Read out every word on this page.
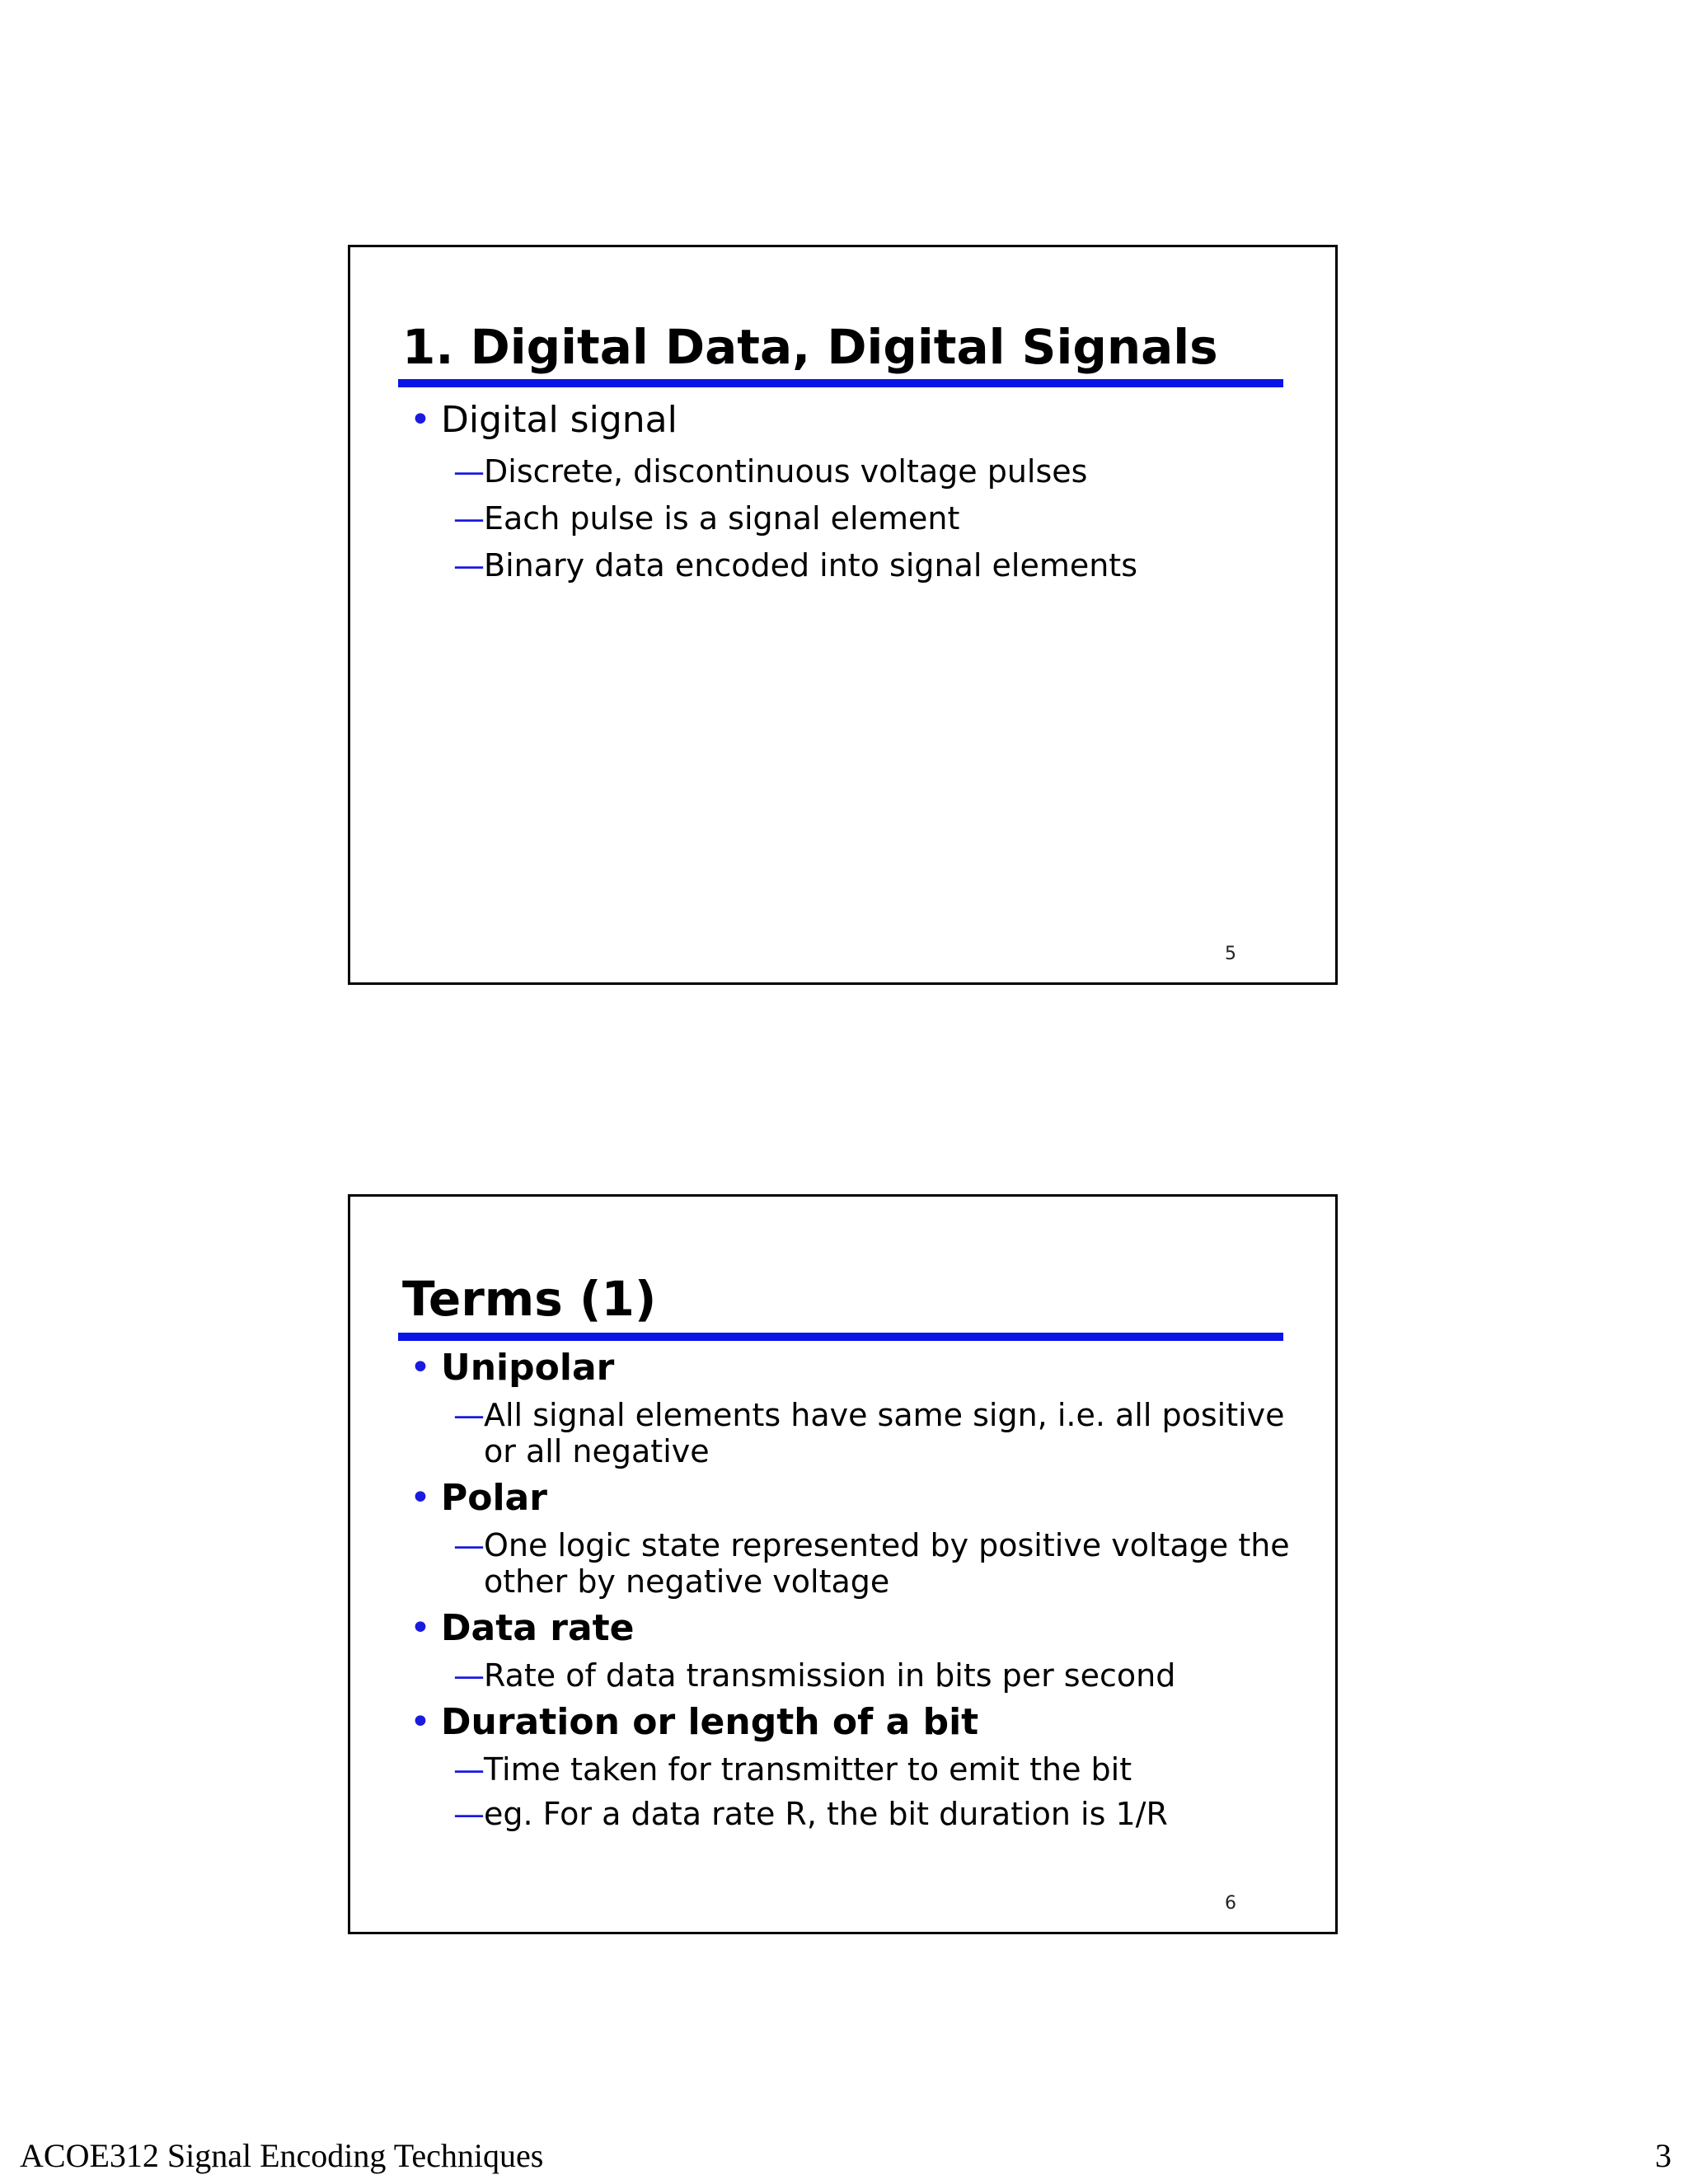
1. Digital Data, Digital Signals
• Digital signal
— Discrete, discontinuous voltage pulses
— Each pulse is a signal element
— Binary data encoded into signal elements
5
Terms (1)
• Unipolar
— All signal elements have same sign, i.e. all positive or all negative
• Polar
— One logic state represented by positive voltage the other by negative voltage
• Data rate
— Rate of data transmission in bits per second
• Duration or length of a bit
— Time taken for transmitter to emit the bit
— eg. For a data rate R, the bit duration is 1/R
6
ACOE312 Signal Encoding Techniques	3
